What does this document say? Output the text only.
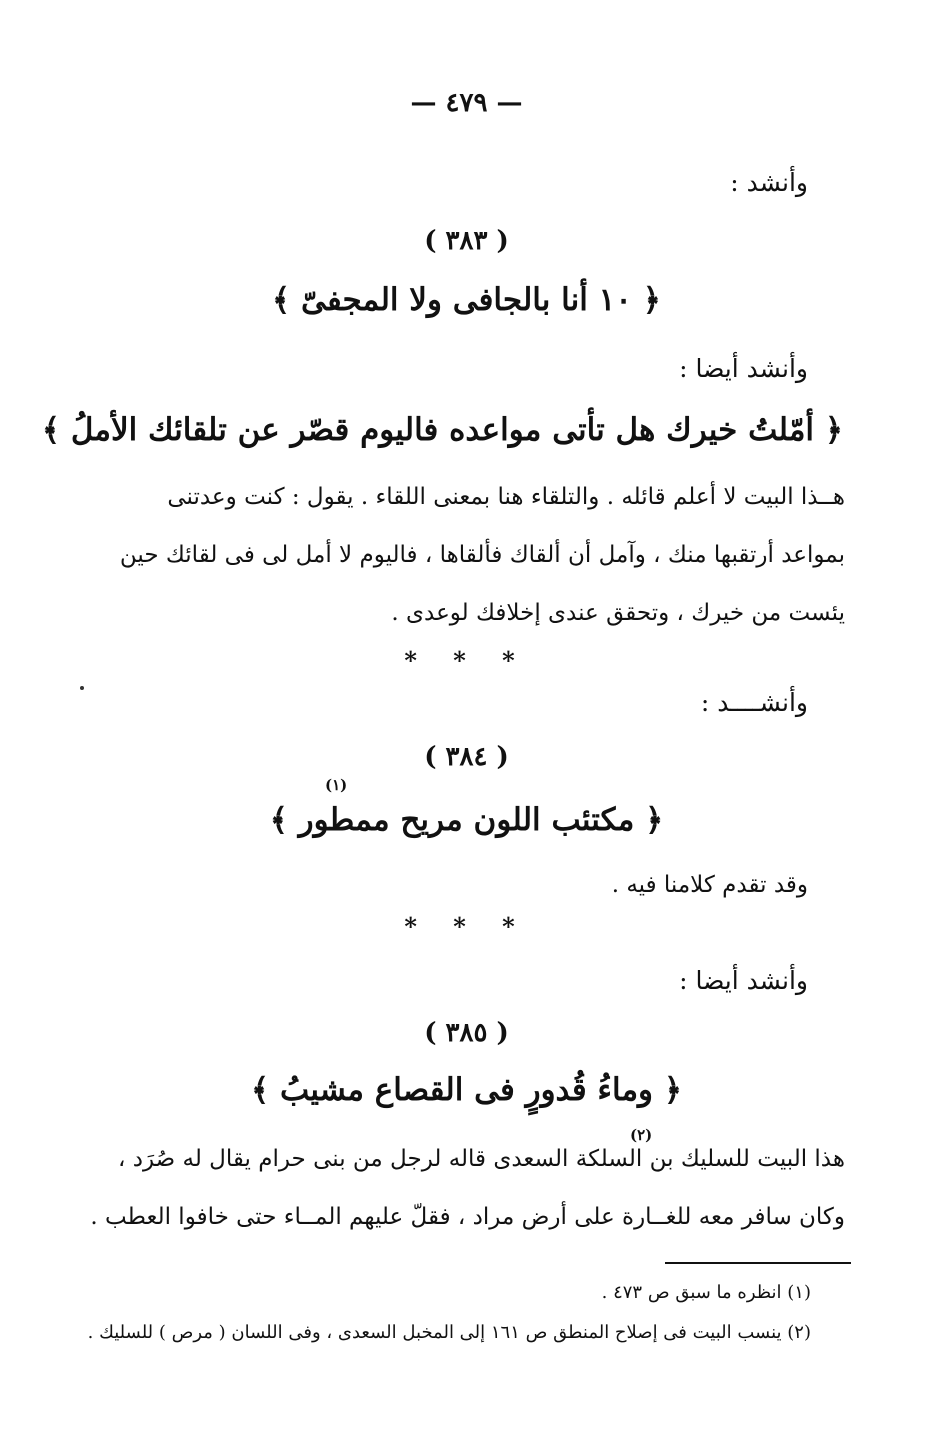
— ٤٧٩ —
وأنشد :
( ٣٨٣ )
﴿ ١٠ أنا بالجافى ولا المجفىّ ﴾
وأنشد أيضا :
﴿ أمّلتُ خيرك هل تأتى مواعده فاليوم قصّر عن تلقائك الأملُ ﴾
هــذا البيت لا أعلم قائله . والتلقاء هنا بمعنى اللقاء . يقول : كنت وعدتنى
بمواعد أرتقبها منك ، وآمل أن ألقاك فألقاها ، فاليوم لا أمل لى فى لقائك حين
يئست من خيرك ، وتحقق عندى إخلافك لوعدى .
* * *
وأنشــــد :
( ٣٨٤ )
(١)
﴿ مكتئب اللون مريح ممطور ﴾
وقد تقدم كلامنا فيه .
* * *
وأنشد أيضا :
( ٣٨٥ )
﴿ وماءُ قُدورٍ فى القصاع مشيبُ ﴾
(٢)
هذا البيت للسليك بن السلكة السعدى قاله لرجل من بنى حرام يقال له صُرَد ،
وكان سافر معه للغــارة على أرض مراد ، فقلّ عليهم المــاء حتى خافوا العطب .
(١) انظره ما سبق ص ٤٧٣ .
(٢) ينسب البيت فى إصلاح المنطق ص ١٦١ إلى المخبل السعدى ، وفى اللسان ( مرص ) للسليك .
